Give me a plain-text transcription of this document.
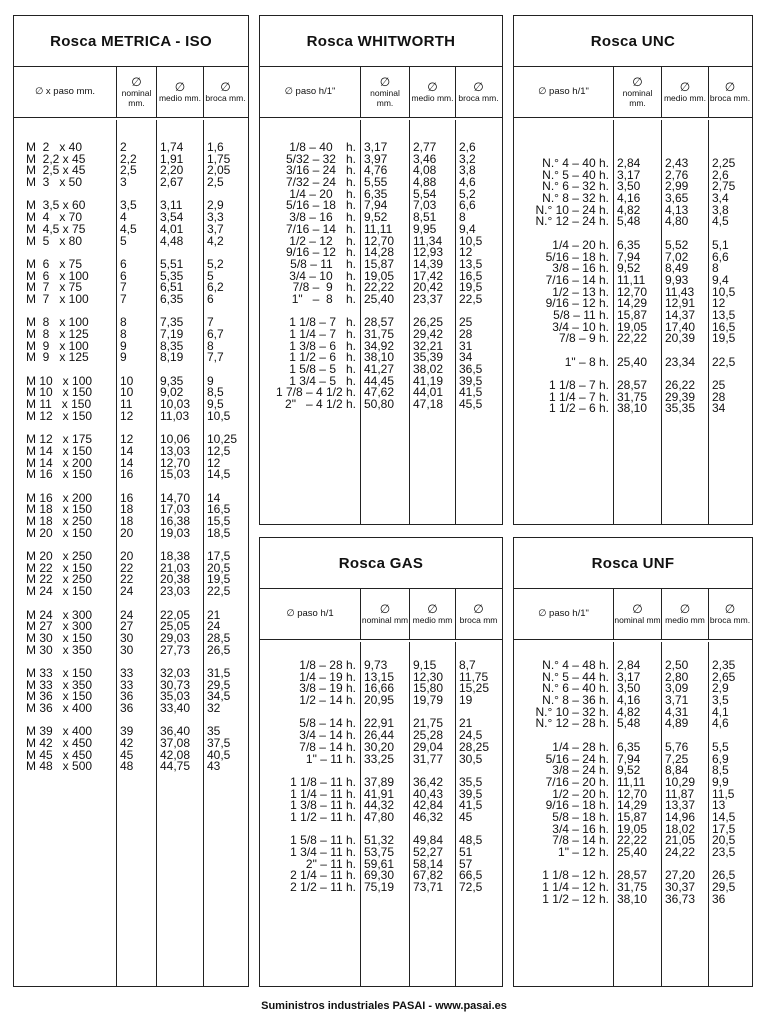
Rosca METRICA - ISO
∅ x paso mm.
∅
nominal mm.
∅
medio mm.
∅
broca mm.
M  2   x 40
M  2,2 x 45
M  2,5 x 45
M  3   x 50
M  3,5 x 60
M  4   x 70
M  4,5 x 75
M  5   x 80
M  6   x 75
M  6   x 100
M  7   x 75
M  7   x 100
M  8   x 100
M  8   x 125
M  9   x 100
M  9   x 125
M 10   x 100
M 10   x 150
M 11   x 150
M 12   x 150
M 12   x 175
M 14   x 150
M 14   x 200
M 16   x 150
M 16   x 200
M 18   x 150
M 18   x 250
M 20   x 150
M 20   x 250
M 22   x 150
M 22   x 250
M 24   x 150
M 24   x 300
M 27   x 300
M 30   x 150
M 30   x 350
M 33   x 150
M 33   x 350
M 36   x 150
M 36   x 400
M 39   x 400
M 42   x 450
M 45   x 450
M 48   x 500
2
2,2
2,5
3
3,5
4
4,5
5
6
6
7
7
8
8
9
9
10
10
11
12
12
14
14
16
16
18
18
20
20
22
22
24
24
27
30
30
33
33
36
36
39
42
45
48
1,74
1,91
2,20
2,67
3,11
3,54
4,01
4,48
5,51
5,35
6,51
6,35
7,35
7,19
8,35
8,19
9,35
9,02
10,03
11,03
10,06
13,03
12,70
15,03
14,70
17,03
16,38
19,03
18,38
21,03
20,38
23,03
22,05
25,05
29,03
27,73
32,03
30,73
35,03
33,40
36,40
37,08
42,08
44,75
1,6
1,75
2,05
2,5
2,9
3,3
3,7
4,2
5,2
5
6,2
6
7
6,7
8
7,7
9
8,5
9,5
10,5
10,25
12,5
12
14,5
14
16,5
15,5
18,5
17,5
20,5
19,5
22,5
21
24
28,5
26,5
31,5
29,5
34,5
32
35
37,5
40,5
43
Rosca WHITWORTH
∅ paso h/1"
∅
nominal mm.
∅
medio mm.
∅
broca mm.
1/8 – 40    h.
5/32 – 32   h.
3/16 – 24   h.
7/32 – 24   h.
1/4 – 20    h.
5/16 – 18   h.
3/8 – 16    h.
7/16 – 14   h.
1/2 – 12    h.
9/16 – 12   h.
5/8 – 11    h.
3/4 – 10    h.
7/8 –  9    h.
1"   –  8    h.
1 1/8 – 7   h.
1 1/4 – 7   h.
1 3/8 – 6   h.
1 1/2 – 6   h.
1 5/8 – 5   h.
1 3/4 – 5   h.
1 7/8 – 4 1/2 h.
2"   – 4 1/2 h.
3,17
3,97
4,76
5,55
6,35
7,94
9,52
11,11
12,70
14,28
15,87
19,05
22,22
25,40
28,57
31,75
34,92
38,10
41,27
44,45
47,62
50,80
2,77
3,46
4,08
4,88
5,54
7,03
8,51
9,95
11,34
12,93
14,39
17,42
20,42
23,37
26,25
29,42
32,21
35,39
38,02
41,19
44,01
47,18
2,6
3,2
3,8
4,6
5,2
6,6
8
9,4
10,5
12
13,5
16,5
19,5
22,5
25
28
31
34
36,5
39,5
41,5
45,5
Rosca UNC
∅ paso h/1"
∅
nominal mm.
∅
medio mm.
∅
broca mm.
N.° 4 – 40 h.
N.° 5 – 40 h.
N.° 6 – 32 h.
N.° 8 – 32 h.
N.° 10 – 24 h.
N.° 12 – 24 h.
1/4 – 20 h.
5/16 – 18 h.
3/8 – 16 h.
7/16 – 14 h.
1/2 – 13 h.
9/16 – 12 h.
5/8 – 11 h.
3/4 – 10 h.
7/8 – 9 h.
1" – 8 h.
1 1/8 – 7 h.
1 1/4 – 7 h.
1 1/2 – 6 h.
2,84
3,17
3,50
4,16
4,82
5,48
6,35
7,94
9,52
11,11
12,70
14,29
15,87
19,05
22,22
25,40
28,57
31,75
38,10
2,43
2,76
2,99
3,65
4,13
4,80
5,52
7,02
8,49
9,93
11,43
12,91
14,37
17,40
20,39
23,34
26,22
29,39
35,35
2,25
2,6
2,75
3,4
3,8
4,5
5,1
6,6
8
9,4
10,5
12
13,5
16,5
19,5
22,5
25
28
34
Rosca GAS
∅ paso h/1	∅
nominal mm
∅
medio mm
∅
broca mm
1/8 – 28 h.
1/4 – 19 h.
3/8 – 19 h.
1/2 – 14 h.
5/8 – 14 h.
3/4 – 14 h.
7/8 – 14 h.
1" – 11 h.
1 1/8 – 11 h.
1 1/4 – 11 h.
1 3/8 – 11 h.
1 1/2 – 11 h.
1 5/8 – 11 h.
1 3/4 – 11 h.
2" – 11 h.
2 1/4 – 11 h.
2 1/2 – 11 h.
9,73
13,15
16,66
20,95
22,91
26,44
30,20
33,25
37,89
41,91
44,32
47,80
51,32
53,75
59,61
69,30
75,19
9,15
12,30
15,80
19,79
21,75
25,28
29,04
31,77
36,42
40,43
42,84
46,32
49,84
52,27
58,14
67,82
73,71
8,7
11,75
15,25
19
21
24,5
28,25
30,5
35,5
39,5
41,5
45
48,5
51
57
66,5
72,5
Rosca UNF
∅ paso h/1"	∅
nominal mm
∅
medio mm
∅
broca mm.
N.° 4 – 48 h.
N.° 5 – 44 h.
N.° 6 – 40 h.
N.° 8 – 36 h.
N.° 10 – 32 h.
N.° 12 – 28 h.
1/4 – 28 h.
5/16 – 24 h.
3/8 – 24 h.
7/16 – 20 h.
1/2 – 20 h.
9/16 – 18 h.
5/8 – 18 h.
3/4 – 16 h.
7/8 – 14 h.
1" – 12 h.
1 1/8 – 12 h.
1 1/4 – 12 h.
1 1/2 – 12 h.
2,84
3,17
3,50
4,16
4,82
5,48
6,35
7,94
9,52
11,11
12,70
14,29
15,87
19,05
22,22
25,40
28,57
31,75
38,10
2,50
2,80
3,09
3,71
4,31
4,89
5,76
7,25
8,84
10,29
11,87
13,37
14,96
18,02
21,05
24,22
27,20
30,37
36,73
2,35
2,65
2,9
3,5
4,1
4,6
5,5
6,9
8,5
9,9
11,5
13
14,5
17,5
20,5
23,5
26,5
29,5
36
Suministros industriales PASAI - www.pasai.es
